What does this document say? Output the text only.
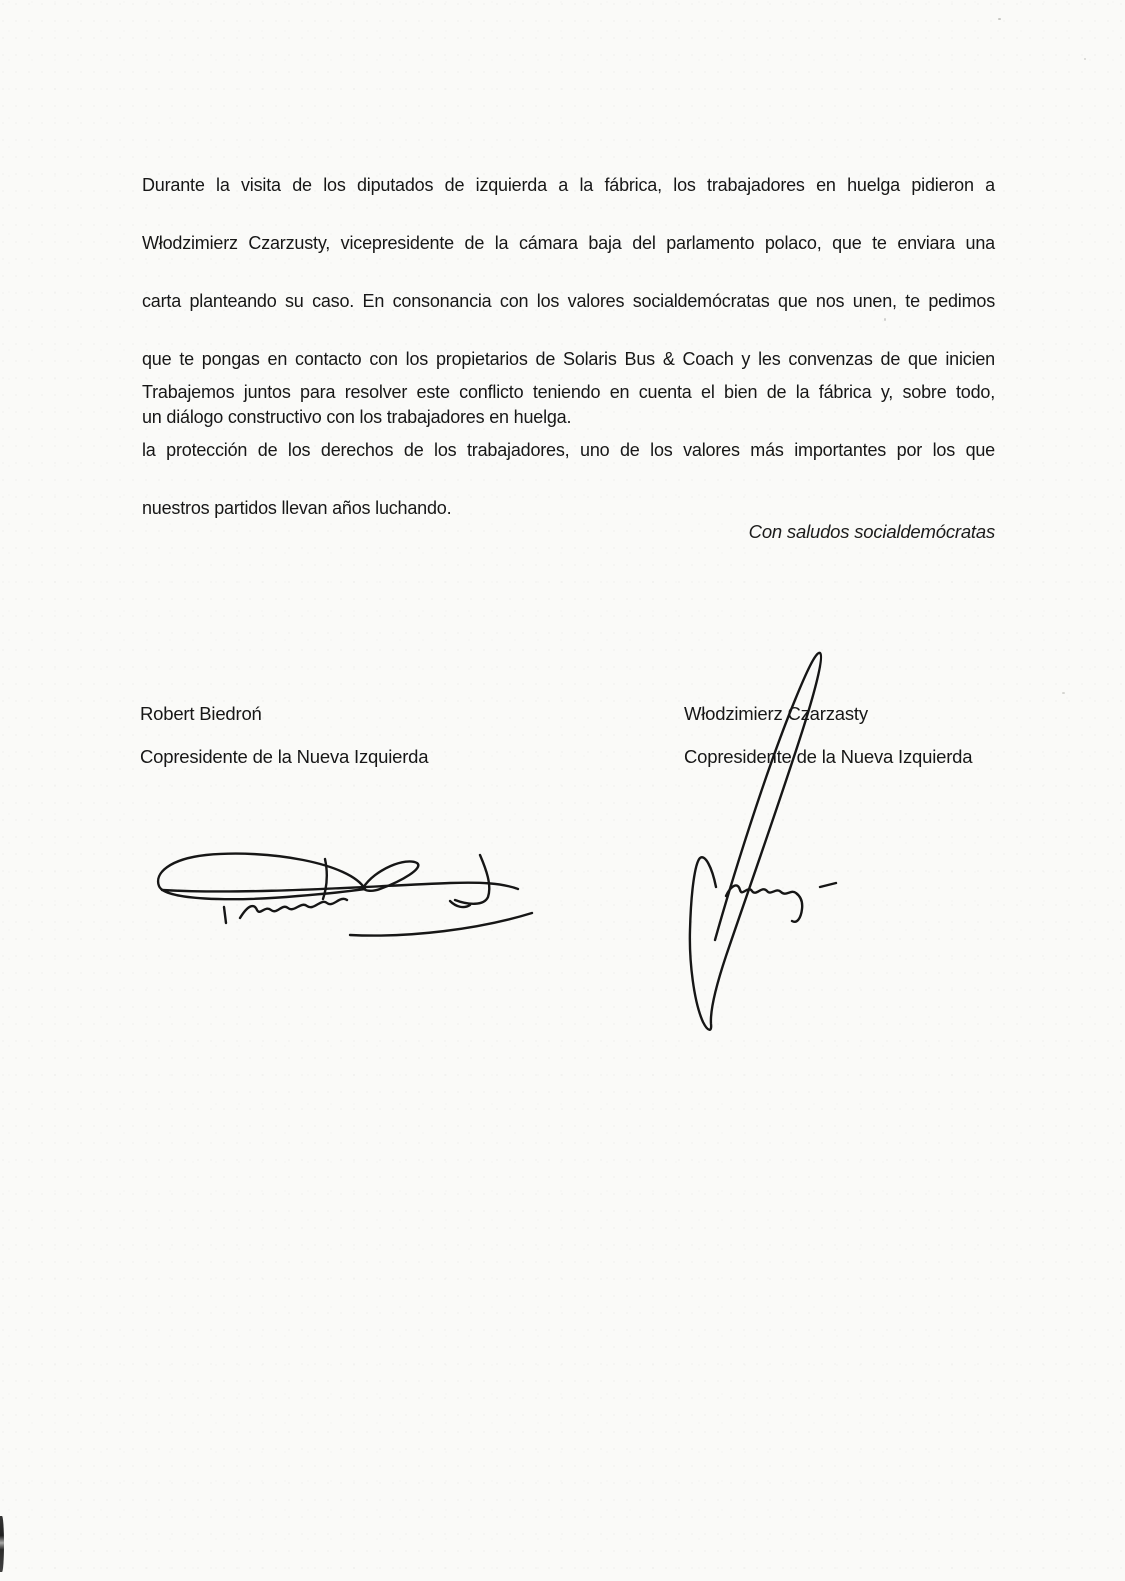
Durante la visita de los diputados de izquierda a la fábrica, los trabajadores en huelga pidieron a
Włodzimierz Czarzusty, vicepresidente de la cámara baja del parlamento polaco, que te enviara una
carta planteando su caso. En consonancia con los valores socialdemócratas que nos unen, te pedimos
que te pongas en contacto con los propietarios de Solaris Bus & Coach y les convenzas de que inicien
un diálogo constructivo con los trabajadores en huelga.
Trabajemos juntos para resolver este conflicto teniendo en cuenta el bien de la fábrica y, sobre todo,
la protección de los derechos de los trabajadores, uno de los valores más importantes por los que
nuestros partidos llevan años luchando.
Con saludos socialdemócratas
Robert Biedroń
Copresidente de la Nueva Izquierda
Włodzimierz Czarzasty
Copresidente de la Nueva Izquierda
